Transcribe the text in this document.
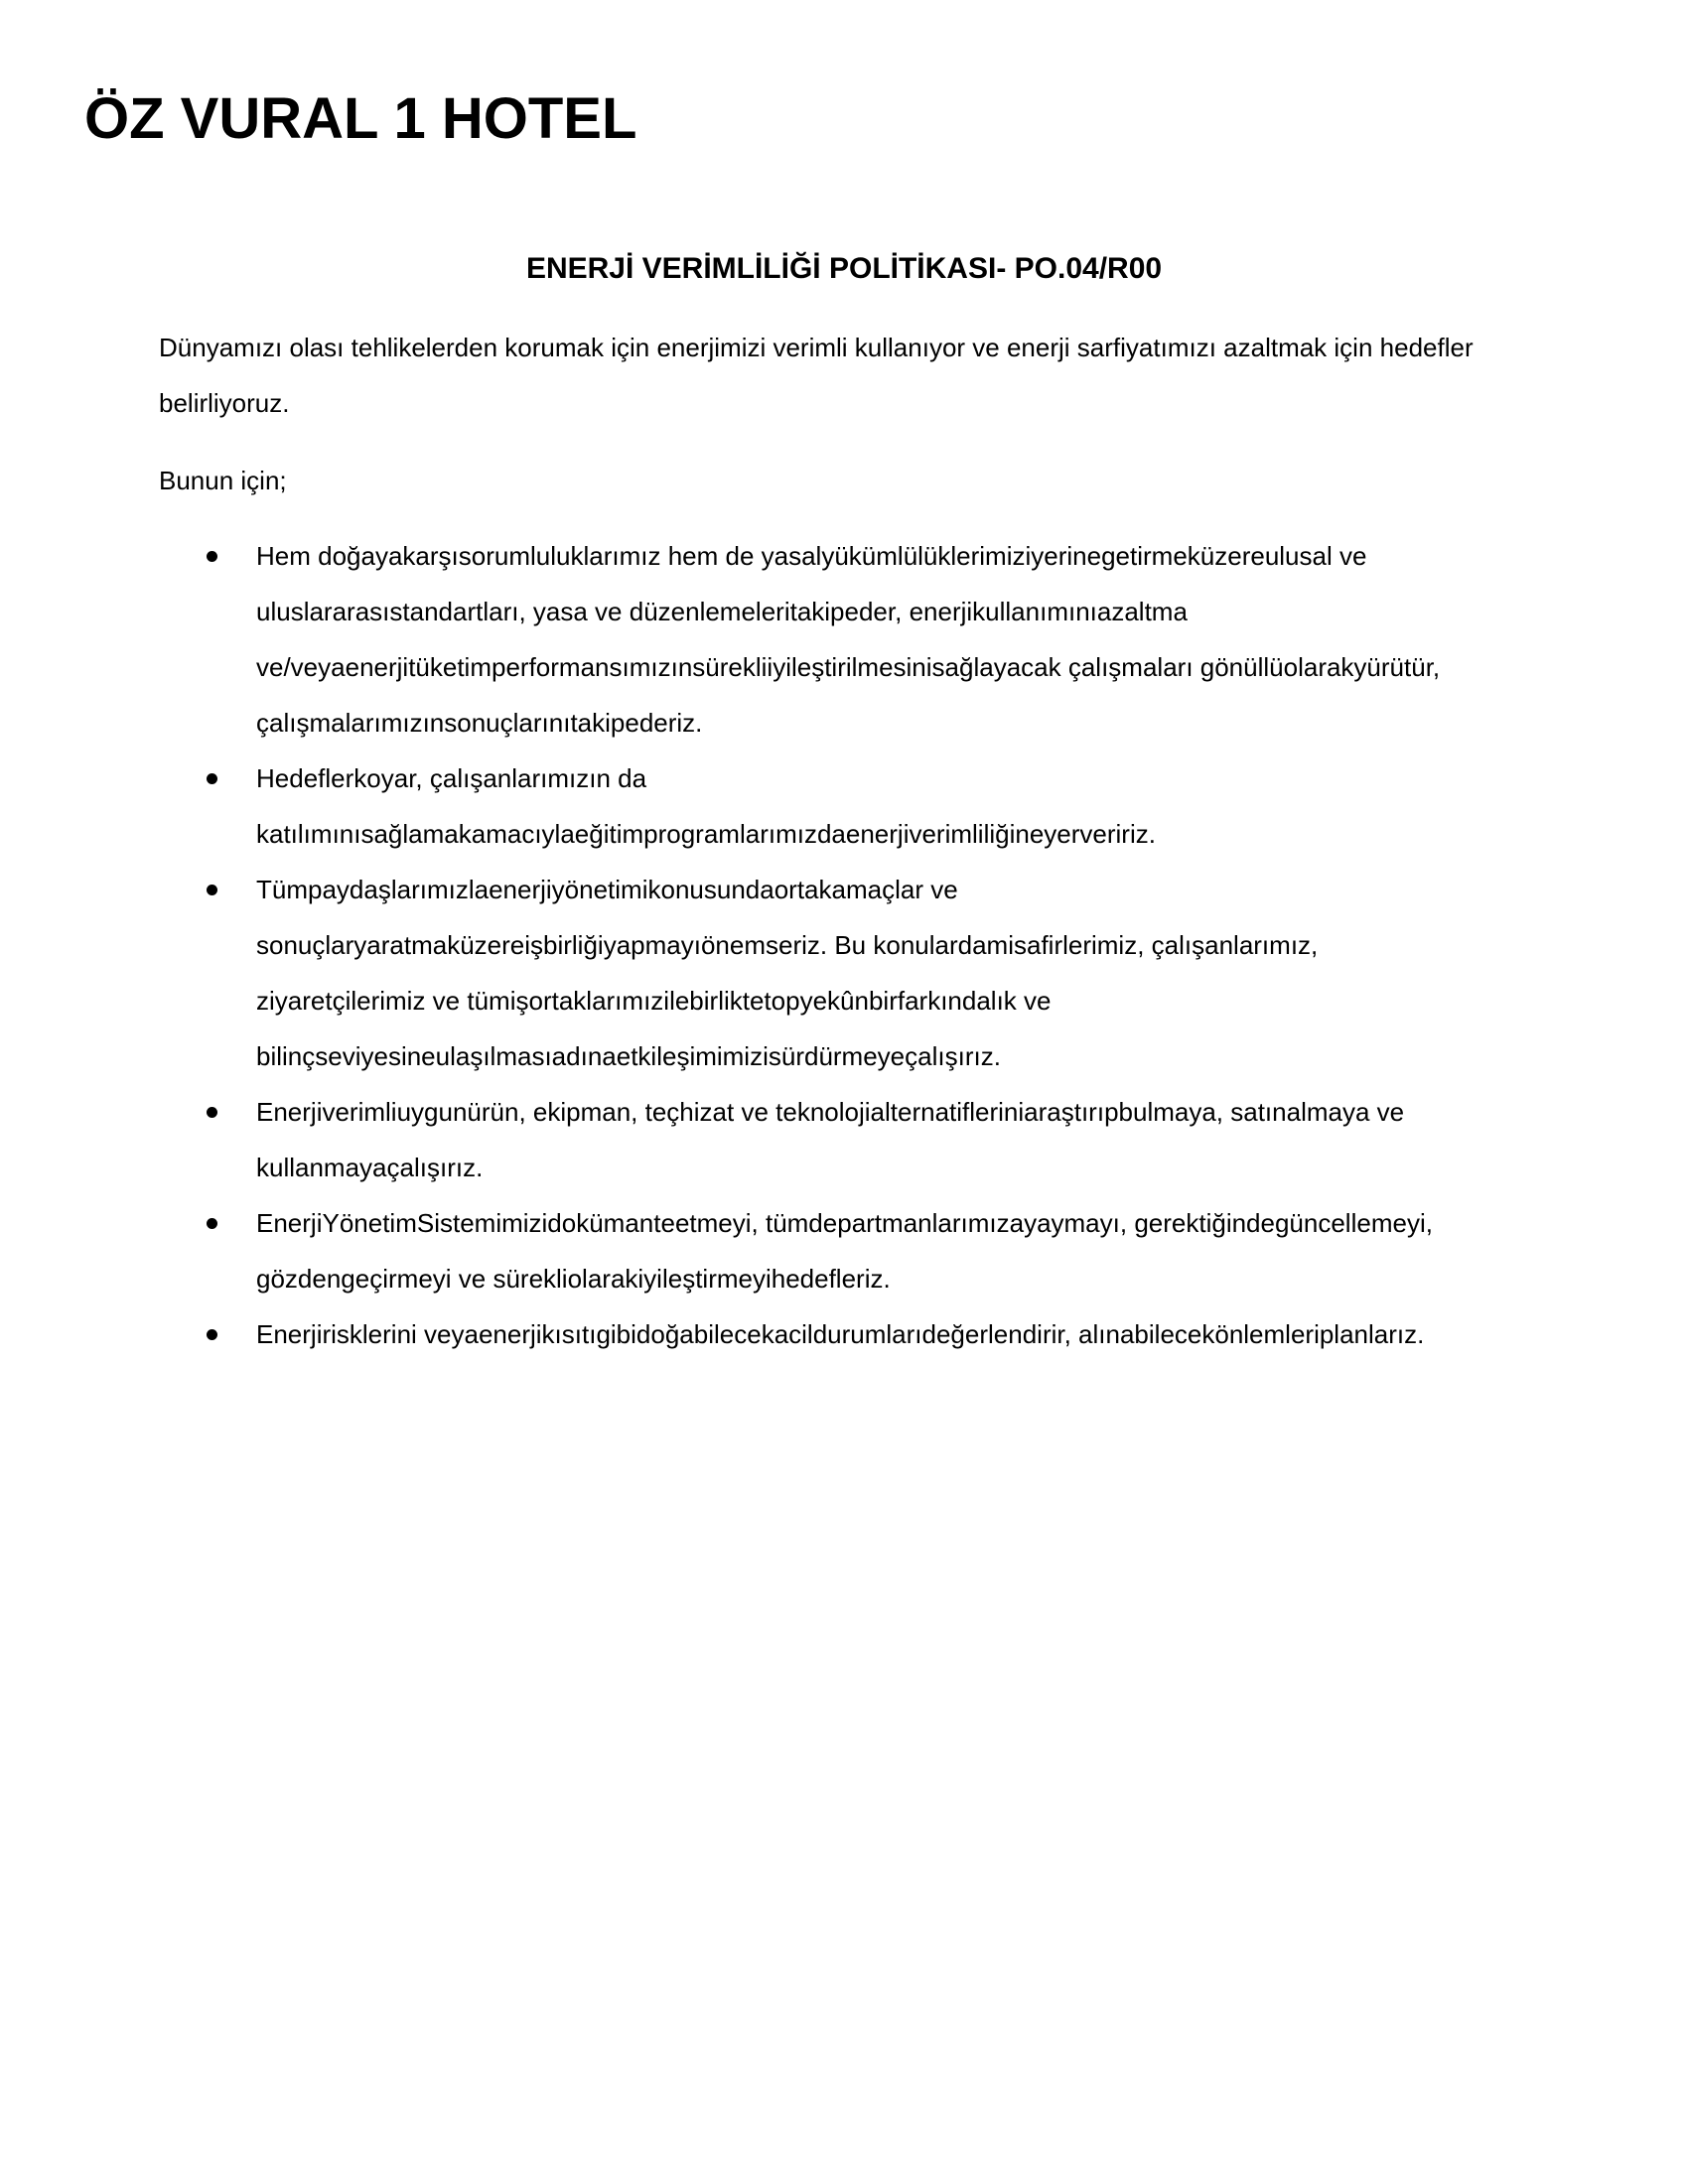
ÖZ VURAL 1 HOTEL
ENERJİ VERİMLİLİĞİ POLİTİKASI- PO.04/R00

Dünyamızı olası tehlikelerden korumak için enerjimizi verimli kullanıyor ve enerji sarfiyatımızı azaltmak için hedefler belirliyoruz.

Bunun için;

Hem doğayakarşısorumluluklarımız hem de yasalyükümlülüklerimiziyerinegetirmeküzereulusal ve uluslararasıstandartları, yasa ve düzenlemeleritakipeder, enerjikullanımınıazaltma ve/veyaenerjitüketimperformansımızınsürekliiyileştirilmesinisağlayacak çalışmaları gönüllüolarakyürütür, çalışmalarımızınsonuçlarınıtakipederiz.
Hedeflerkoyar, çalışanlarımızın da katılımınısağlamakamacıylaeğitimprogramlarımızdaenerjiverimliliğineyerveririz.
Tümpaydaşlarımızlaenerjiyönetimikonusundaortakamaçlar ve sonuçlaryaratmaküzereişbirliğiyapmayıönemseriz. Bu konulardamisafirlerimiz, çalışanlarımız, ziyaretçilerimiz ve tümişortaklarımızilebirliktetopyekûnbirfarkındalık ve bilinçseviyesineulaşılmasıadınaetkileşimimizisürdürmeyeçalışırız.
Enerjiverimliuygunürün, ekipman, teçhizat ve teknolojialternatifleriniaraştırıpbulmaya, satınalmaya ve kullanmayaçalışırız.
EnerjiYönetimSistemimizidokümanteetmeyi, tümdepartmanlarımızayaymayı, gerektiğindegüncellemeyi, gözdengeçirmeyi ve sürekliolarakiyileştirmeyihedefleriz.
Enerjirisklerini veyaenerjikısıtıgibidoğabilecekacildurumlarıdeğerlendirir, alınabilecekönlemleriplanlarız.
